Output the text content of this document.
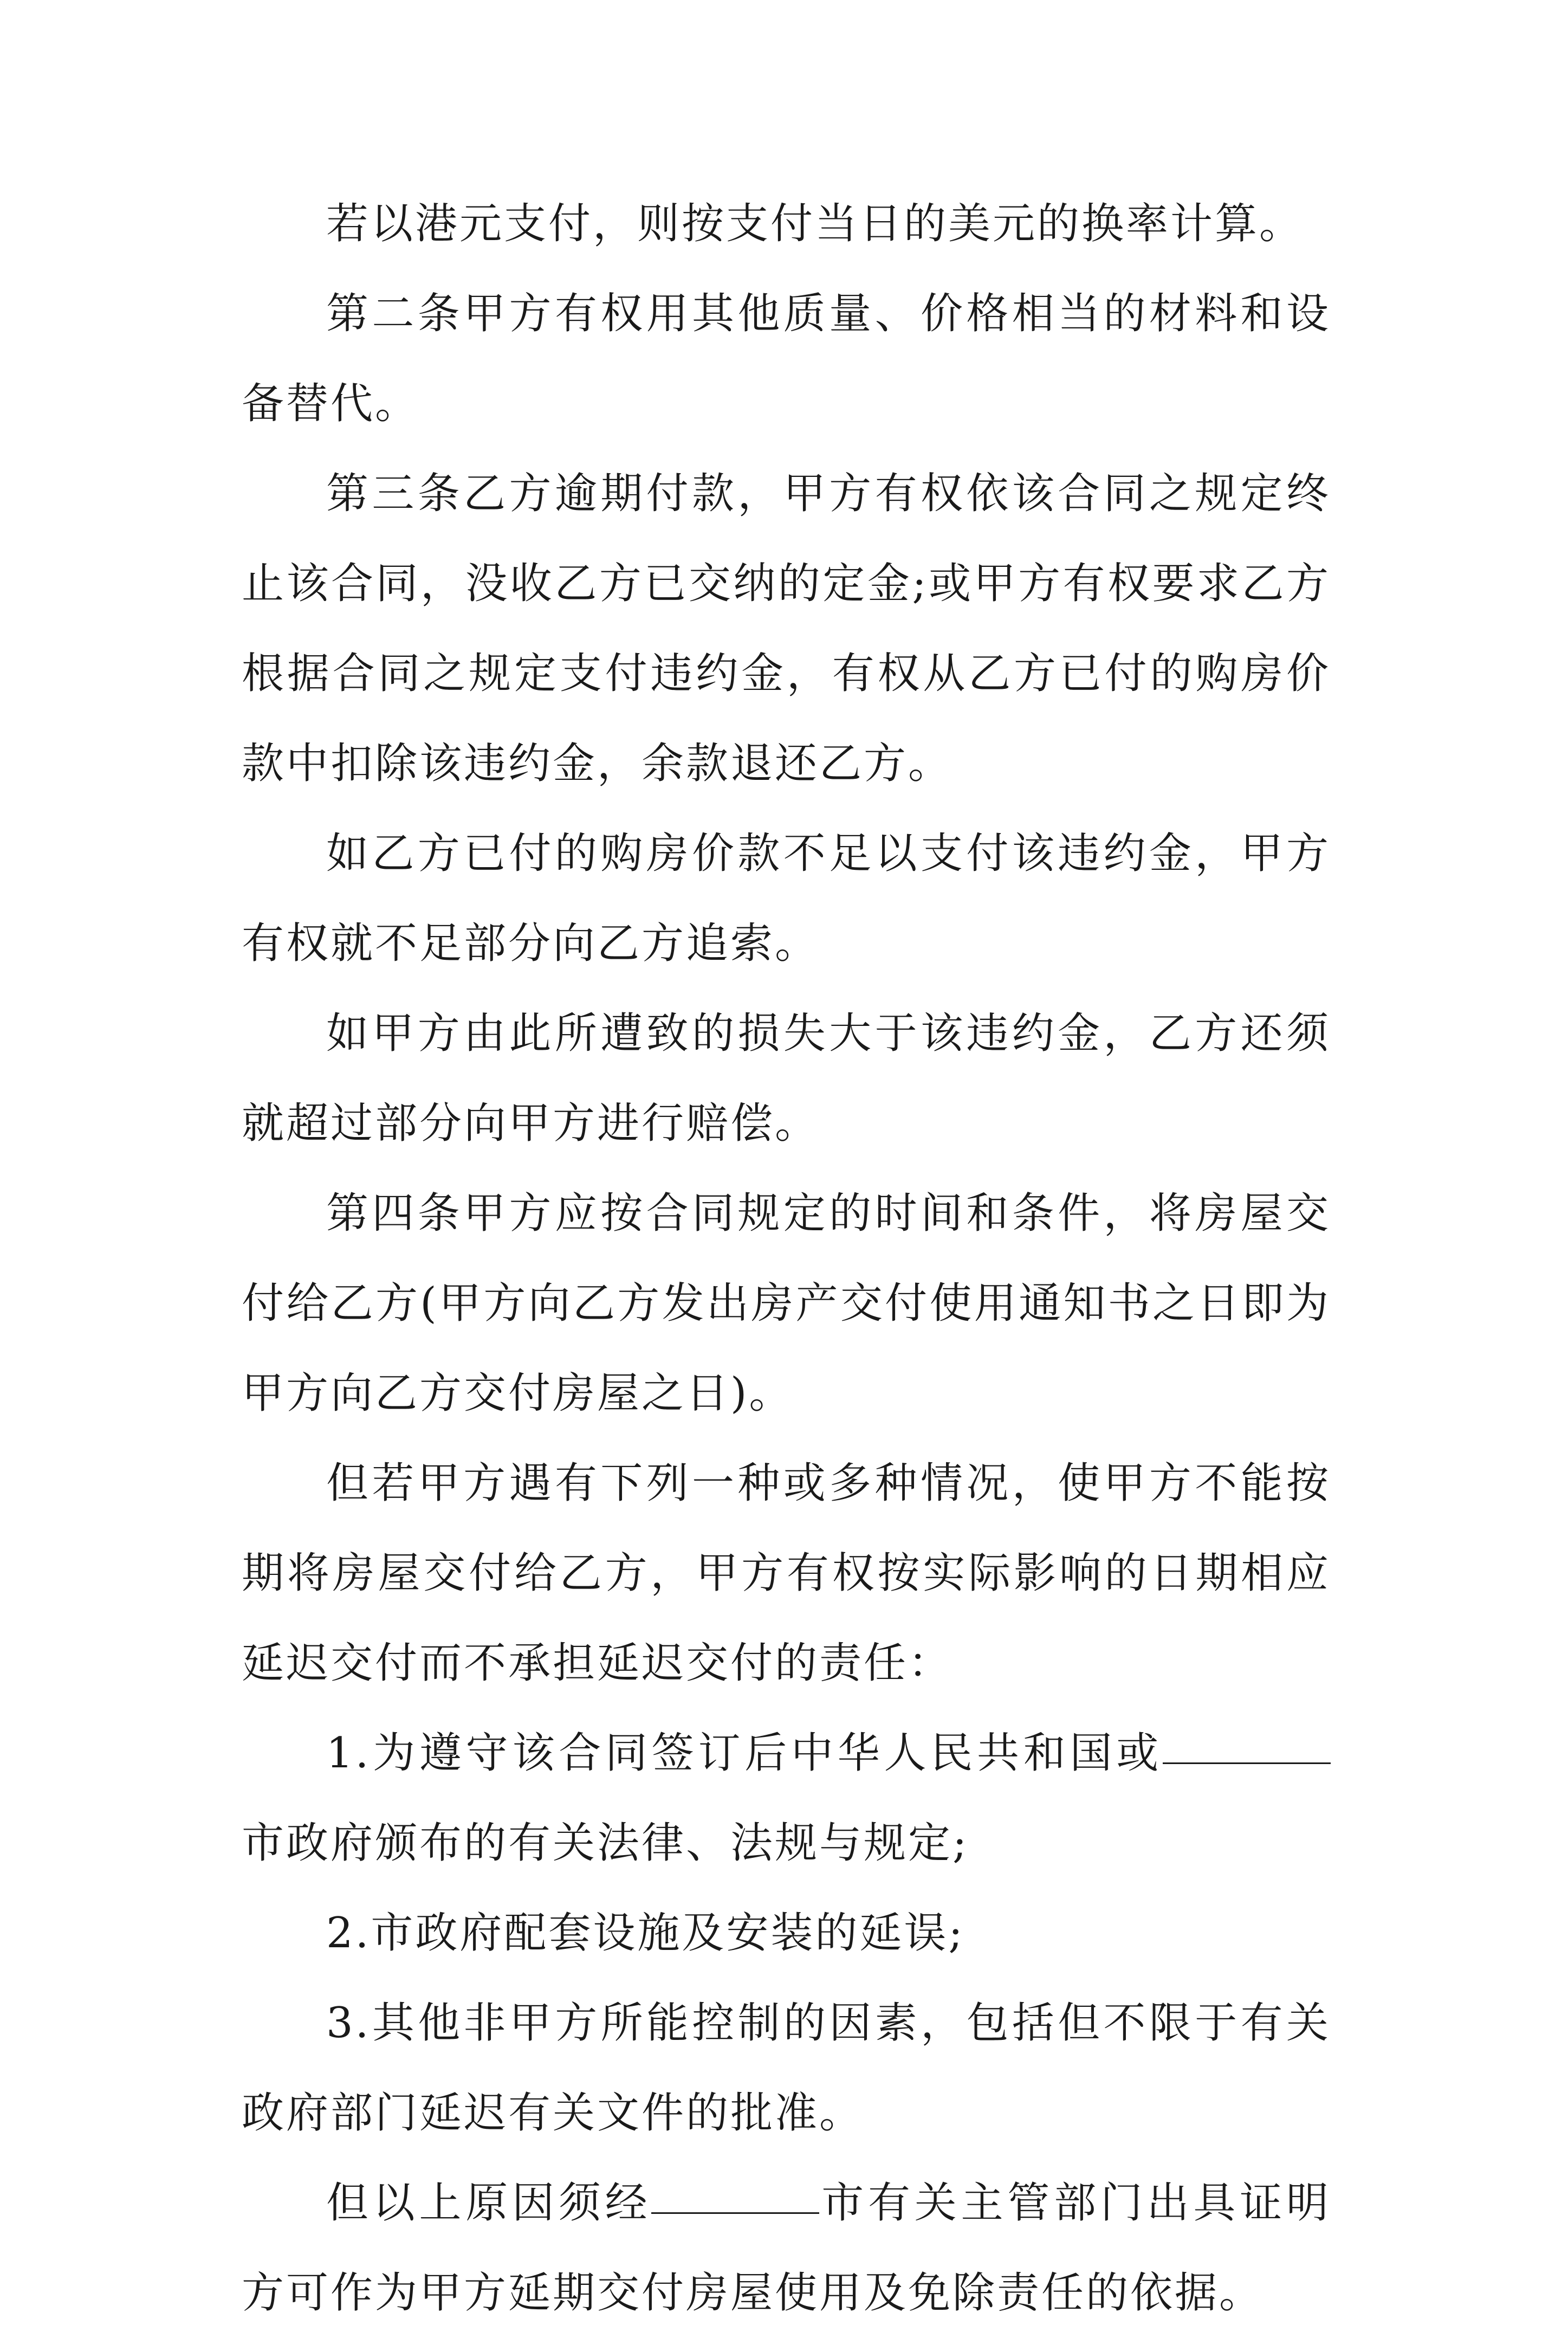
若以港元支付，则按支付当日的美元的换率计算。

第二条甲方有权用其他质量、价格相当的材料和设备替代。

第三条乙方逾期付款，甲方有权依该合同之规定终止该合同，没收乙方已交纳的定金;或甲方有权要求乙方根据合同之规定支付违约金，有权从乙方已付的购房价款中扣除该违约金，余款退还乙方。

如乙方已付的购房价款不足以支付该违约金，甲方有权就不足部分向乙方追索。

如甲方由此所遭致的损失大于该违约金，乙方还须就超过部分向甲方进行赔偿。

第四条甲方应按合同规定的时间和条件，将房屋交付给乙方(甲方向乙方发出房产交付使用通知书之日即为甲方向乙方交付房屋之日)。

但若甲方遇有下列一种或多种情况，使甲方不能按期将房屋交付给乙方，甲方有权按实际影响的日期相应延迟交付而不承担延迟交付的责任：

1.为遵守该合同签订后中华人民共和国或市政府颁布的有关法律、法规与规定;

2.市政府配套设施及安装的延误;

3.其他非甲方所能控制的因素，包括但不限于有关政府部门延迟有关文件的批准。

但以上原因须经	市有关主管部门出具证明方可作为甲方延期交付房屋使用及免除责任的依据。
